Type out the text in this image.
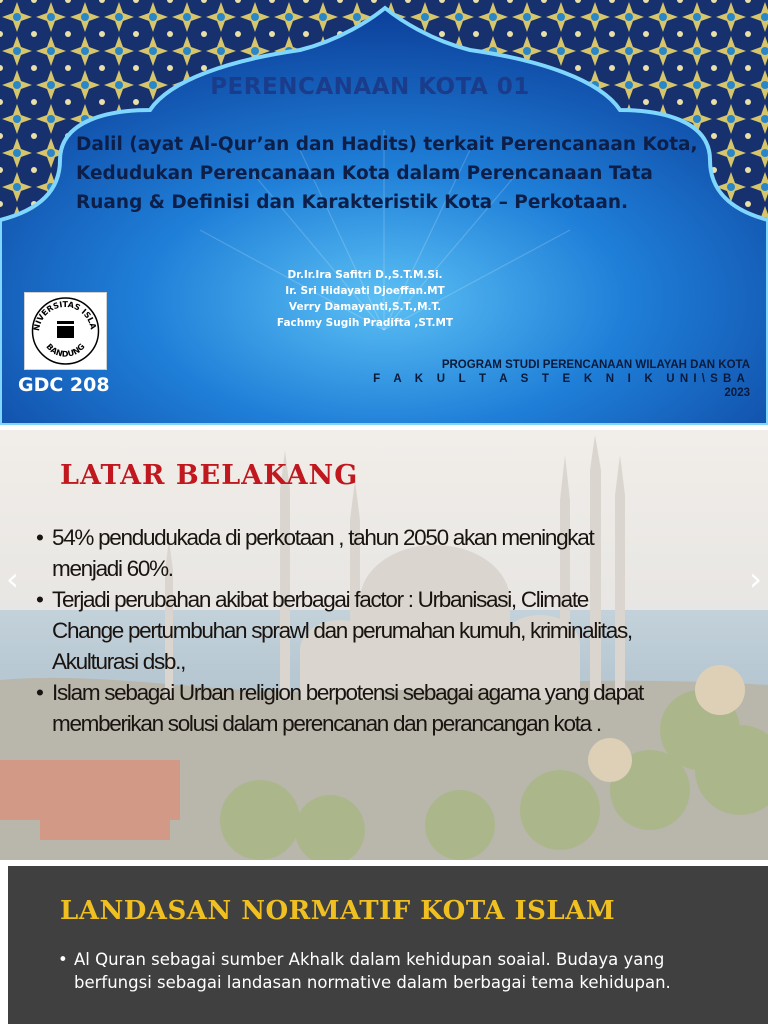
PERENCANAAN KOTA 01
Dalil (ayat Al-Qur’an dan Hadits) terkait Perencanaan Kota,
Kedudukan Perencanaan Kota dalam Perencanaan Tata
Ruang & Definisi dan Karakteristik Kota – Perkotaan.
Dr.Ir.Ira Safitri D.,S.T.M.Si.
Ir. Sri Hidayati Djoeffan.MT
Verry Damayanti,S.T.,M.T.
Fachmy Sugih Pradifta ,ST.MT
NIVERSITAS ISLA
BANDUNG
GDC 208
PROGRAM STUDI PERENCANAAN WILAYAH DAN KOTA
F A K U L T A S T E K N I K UNI\SBA
2023
LATAR BELAKANG
• 54% pendudukada di perkotaan , tahun 2050 akan meningkat menjadi 60%.
• Terjadi perubahan akibat berbagai factor : Urbanisasi, Climate Change pertumbuhan sprawl dan perumahan kumuh, kriminalitas, Akulturasi dsb.,
• Islam sebagai Urban religion berpotensi sebagai agama yang dapat memberikan solusi dalam perencanan dan perancangan kota .
‹	›
LANDASAN NORMATIF KOTA ISLAM
• Al Quran sebagai sumber Akhalk dalam kehidupan soaial. Budaya yang berfungsi sebagai landasan normative dalam berbagai tema kehidupan.
